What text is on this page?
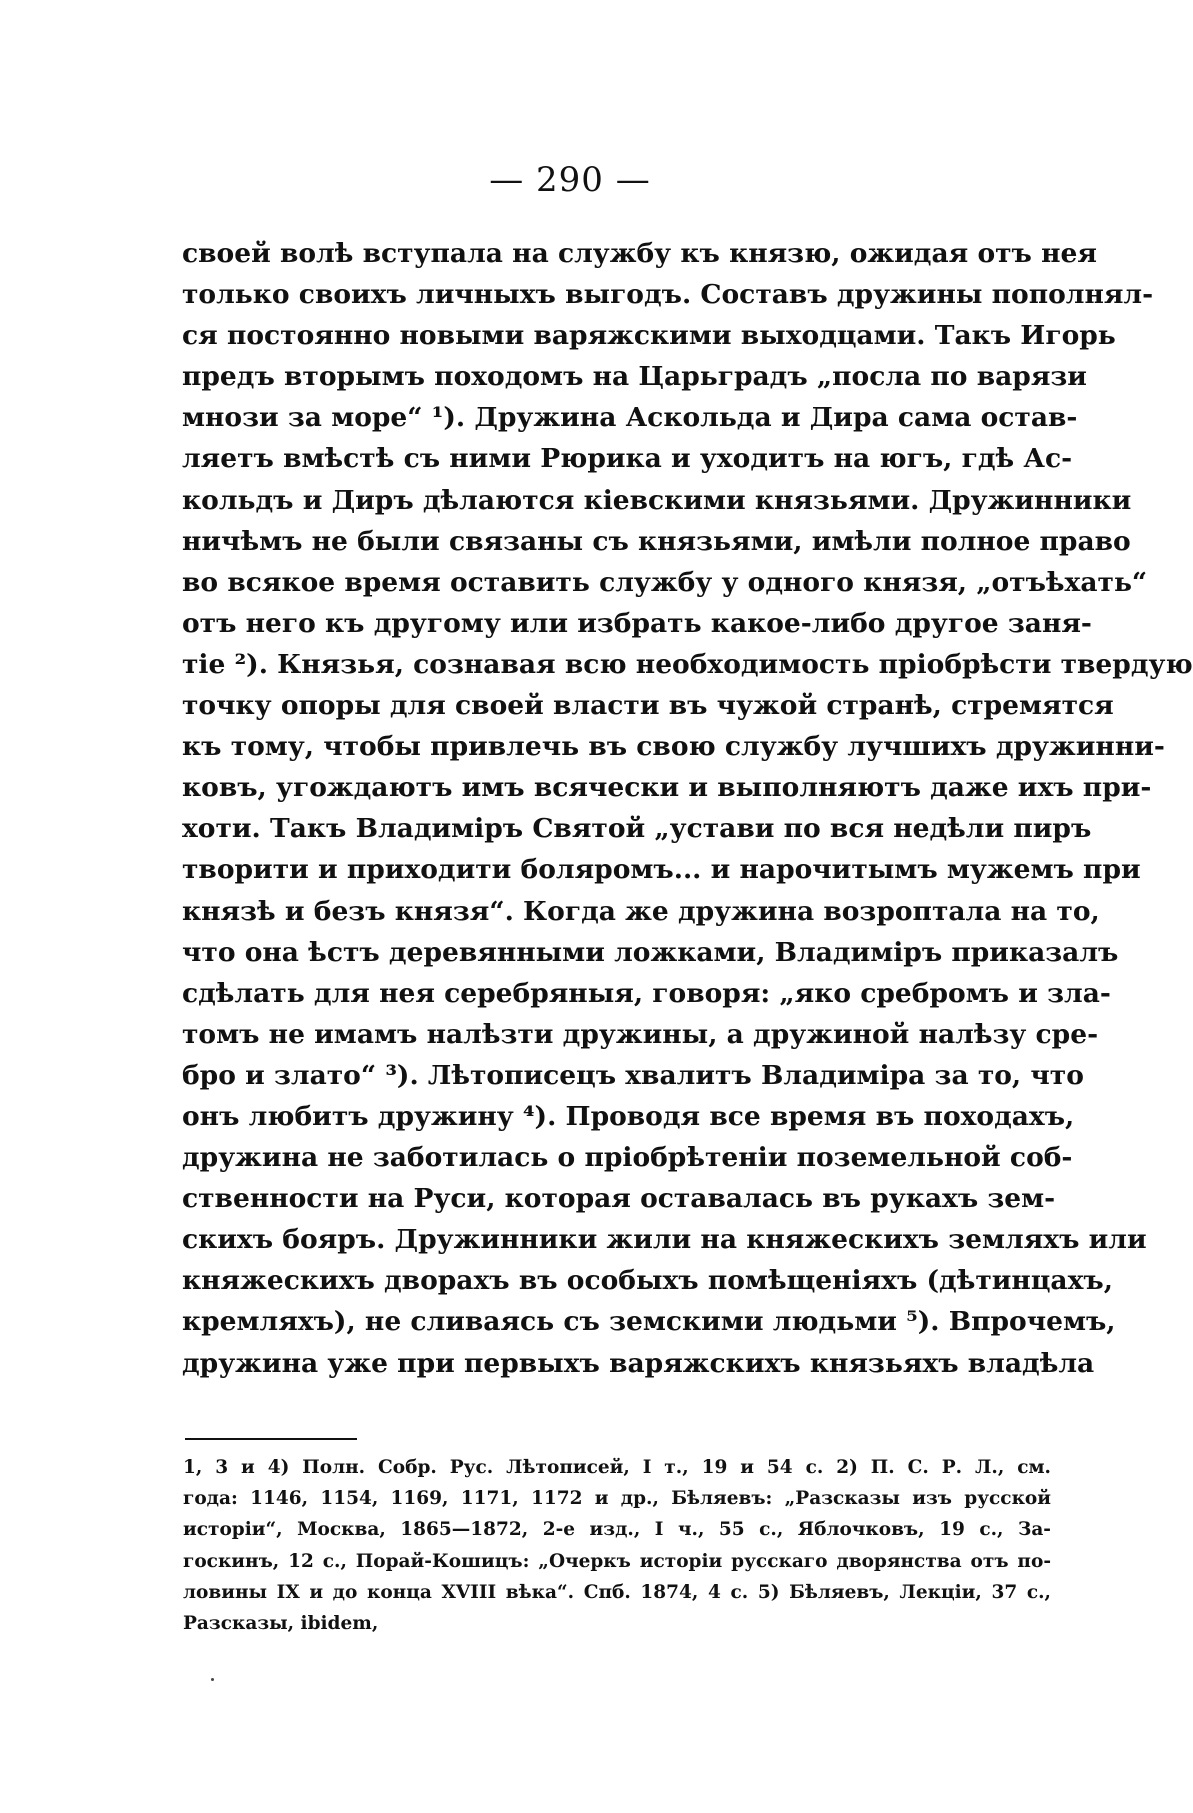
— 290 —
своей волѣ вступала на службу къ князю, ожидая отъ нея
только своихъ личныхъ выгодъ. Составъ дружины пополнял-
ся постоянно новыми варяжскими выходцами. Такъ Игорь
предъ вторымъ походомъ на Царьградъ „посла по варязи
мнози за море“ ¹). Дружина Аскольда и Дира сама остав-
ляетъ вмѣстѣ съ ними Рюрика и уходитъ на югъ, гдѣ Ас-
кольдъ и Диръ дѣлаются кіевскими князьями. Дружинники
ничѣмъ не были связаны съ князьями, имѣли полное право
во всякое время оставить службу у одного князя, „отъѣхать“
отъ него къ другому или избрать какое-либо другое заня-
тіе ²). Князья, сознавая всю необходимость пріобрѣсти твердую
точку опоры для своей власти въ чужой странѣ, стремятся
къ тому, чтобы привлечь въ свою службу лучшихъ дружинни-
ковъ, угождаютъ имъ всячески и выполняютъ даже ихъ при-
хоти. Такъ Владиміръ Святой „устави по вся недѣли пиръ
творити и приходити боляромъ... и нарочитымъ мужемъ при
князѣ и безъ князя“. Когда же дружина возроптала на то,
что она ѣстъ деревянными ложками, Владиміръ приказалъ
сдѣлать для нея серебряныя, говоря: „яко сребромъ и зла-
томъ не имамъ налѣзти дружины, а дружиной налѣзу сре-
бро и злато“ ³). Лѣтописецъ хвалитъ Владиміра за то, что
онъ любитъ дружину ⁴). Проводя все время въ походахъ,
дружина не заботилась о пріобрѣтеніи поземельной соб-
ственности на Руси, которая оставалась въ рукахъ зем-
скихъ бояръ. Дружинники жили на княжескихъ земляхъ или
княжескихъ дворахъ въ особыхъ помѣщеніяхъ (дѣтинцахъ,
кремляхъ), не сливаясь съ земскими людьми ⁵). Впрочемъ,
дружина уже при первыхъ варяжскихъ князьяхъ владѣла
1, 3 и 4) Полн. Собр. Рус. Лѣтописей, I т., 19 и 54 с. 2) П. С. Р. Л., см.
года: 1146, 1154, 1169, 1171, 1172 и др., Бѣляевъ: „Разсказы изъ русской
исторіи“, Москва, 1865—1872, 2-е изд., I ч., 55 с., Яблочковъ, 19 с., За-
госкинъ, 12 с., Порай-Кошицъ: „Очеркъ исторіи русскаго дворянства отъ по-
ловины IX и до конца XVIII вѣка“. Спб. 1874, 4 с. 5) Бѣляевъ, Лекціи, 37 с.,
Разсказы, ibidem,
